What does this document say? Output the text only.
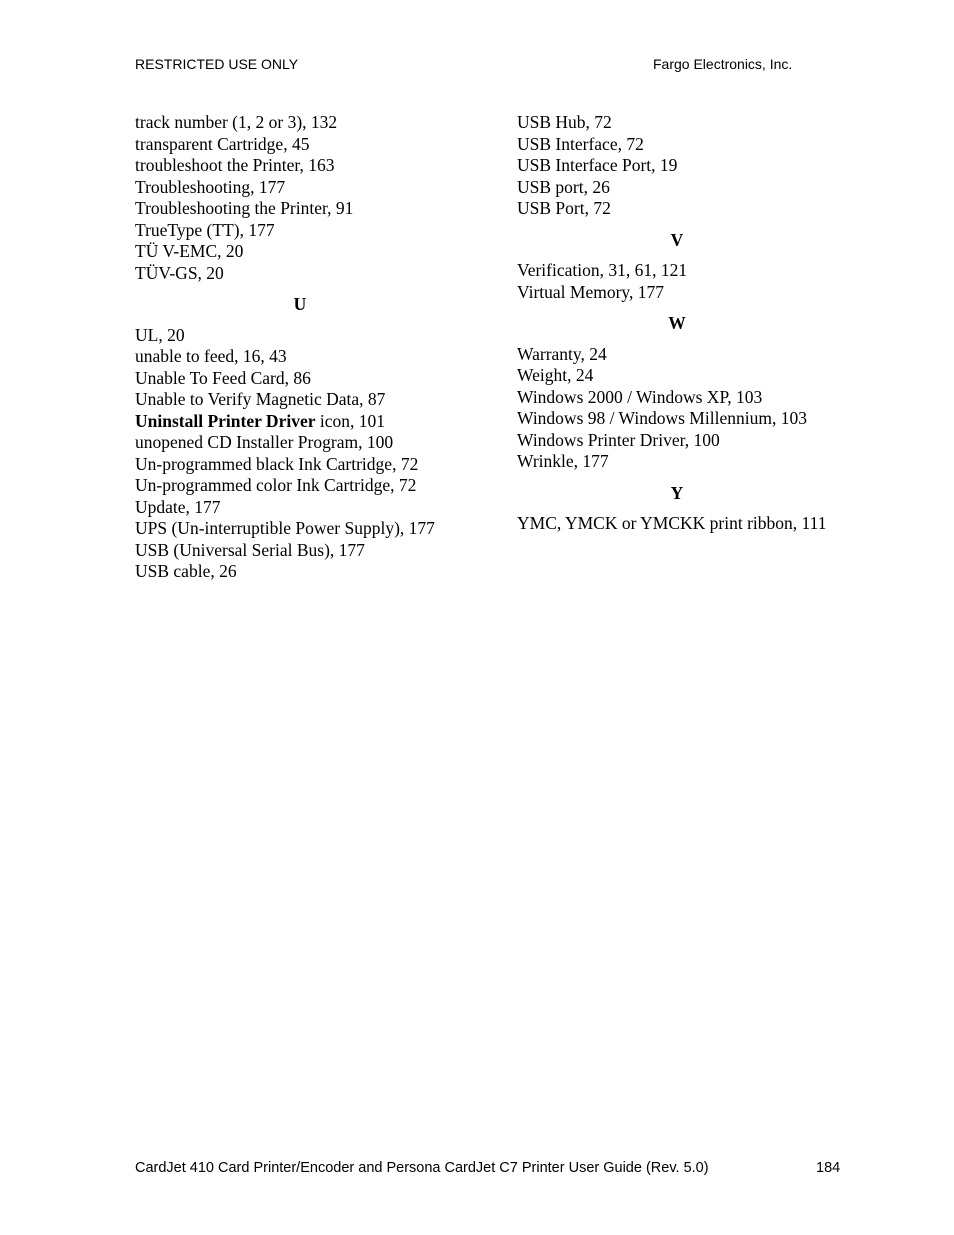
RESTRICTED USE ONLY	Fargo Electronics, Inc.
track number (1, 2 or 3), 132
transparent Cartridge, 45
troubleshoot the Printer, 163
Troubleshooting, 177
Troubleshooting the Printer, 91
TrueType (TT), 177
TÜ V-EMC, 20
TÜV-GS, 20
U
UL, 20
unable to feed, 16, 43
Unable To Feed Card, 86
Unable to Verify Magnetic Data, 87
Uninstall Printer Driver icon, 101
unopened CD Installer Program, 100
Un-programmed black Ink Cartridge, 72
Un-programmed color Ink Cartridge, 72
Update, 177
UPS (Un-interruptible Power Supply), 177
USB (Universal Serial Bus), 177
USB cable, 26
USB Hub, 72
USB Interface, 72
USB Interface Port, 19
USB port, 26
USB Port, 72
V
Verification, 31, 61, 121
Virtual Memory, 177
W
Warranty, 24
Weight, 24
Windows 2000 / Windows XP, 103
Windows 98 / Windows Millennium, 103
Windows Printer Driver, 100
Wrinkle, 177
Y
YMC, YMCK or YMCKK print ribbon, 111
CardJet 410 Card Printer/Encoder and Persona CardJet C7 Printer User Guide (Rev. 5.0)	184
